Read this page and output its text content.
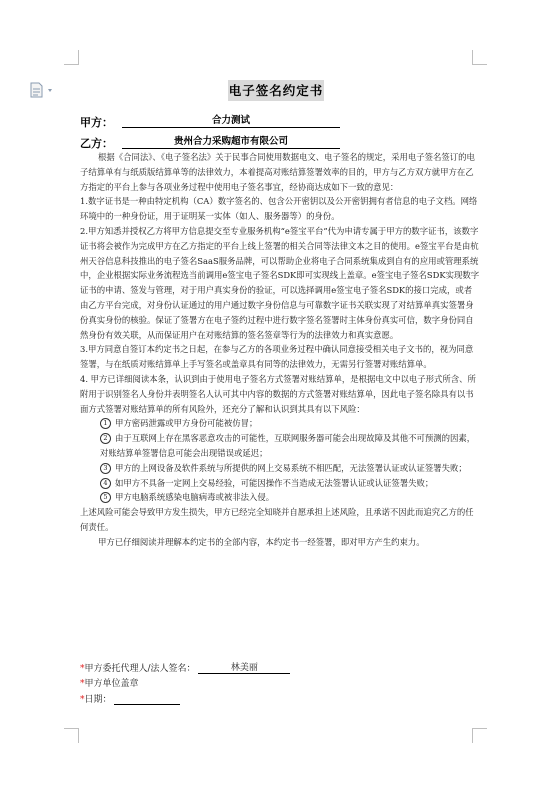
电子签名约定书
甲方：	合力测试
乙方：	贵州合力采购超市有限公司

根据《合同法》、《电子签名法》关于民事合同使用数据电文、电子签名的规定，采用电子签名签订的电子结算单有与纸质版结算单等的法律效力，本着提高对账结算签署效率的目的，甲方与乙方双方就甲方在乙方指定的平台上参与各项业务过程中使用电子签名事宜，经协商达成如下一致的意见：

1.数字证书是一种由特定机构（CA）数字签名的、包含公开密钥以及公开密钥拥有者信息的电子文档。网络环境中的一种身份证，用于证明某一实体（如人、服务器等）的身份。

2.甲方知悉并授权乙方将甲方信息提交至专业服务机构“e签宝平台”代为申请专属于甲方的数字证书，该数字证书将会被作为完成甲方在乙方指定的平台上线上签署的相关合同等法律文本之目的使用。e签宝平台是由杭州天谷信息科技推出的电子签名SaaS服务品牌，可以帮助企业将电子合同系统集成到自有的应用或管理系统中，企业根据实际业务流程选当前调用e签宝电子签名SDK即可实现线上盖章。e签宝电子签名SDK实现数字证书的申请、签发与管理，对于用户真实身份的验证，可以选择调用e签宝电子签名SDK的接口完成，或者由乙方平台完成，对身份认证通过的用户通过数字身份信息与可靠数字证书关联实现了对结算单真实签署身份真实身份的核验。保证了签署方在电子签约过程中进行数字签名签署时主体身份真实可信，数字身份同自然身份有效关联，从而保证用户在对账结算的签名签章等行为的法律效力和真实意愿。

3.甲方同意自签订本约定书之日起，在参与乙方的各项业务过程中确认同意接受相关电子文书的，视为同意签署，与在纸质对账结算单上手写签名或盖章具有同等的法律效力，无需另行签署对账结算单。

4. 甲方已详细阅读本条，认识到由于使用电子签名方式签署对账结算单，是根据电文中以电子形式所含、所附用于识别签名人身份并表明签名人认可其中内容的数据的方式签署对账结算单，因此电子签名除具有以书面方式签署对账结算单的所有风险外，还充分了解和认识到其具有以下风险：

1 甲方密码泄露或甲方身份可能被仿冒；

2 由于互联网上存在黑客恶意攻击的可能性，互联网服务器可能会出现故障及其他不可预测的因素，对账结算单签署信息可能会出现错误或延迟；

3 甲方的上网设备及软件系统与所提供的网上交易系统不相匹配，无法签署认证或认证签署失败；

4 如甲方不具备一定网上交易经验，可能因操作不当造成无法签署认证或认证签署失败；

5 甲方电脑系统感染电脑病毒或被非法入侵。

上述风险可能会导致甲方发生损失，甲方已经完全知晓并自愿承担上述风险，且承诺不因此而追究乙方的任何责任。

甲方已仔细阅读并理解本约定书的全部内容，本约定书一经签署，即对甲方产生约束力。

*甲方委托代理人/法人签名：	林美丽
*甲方单位盖章
*日期：
